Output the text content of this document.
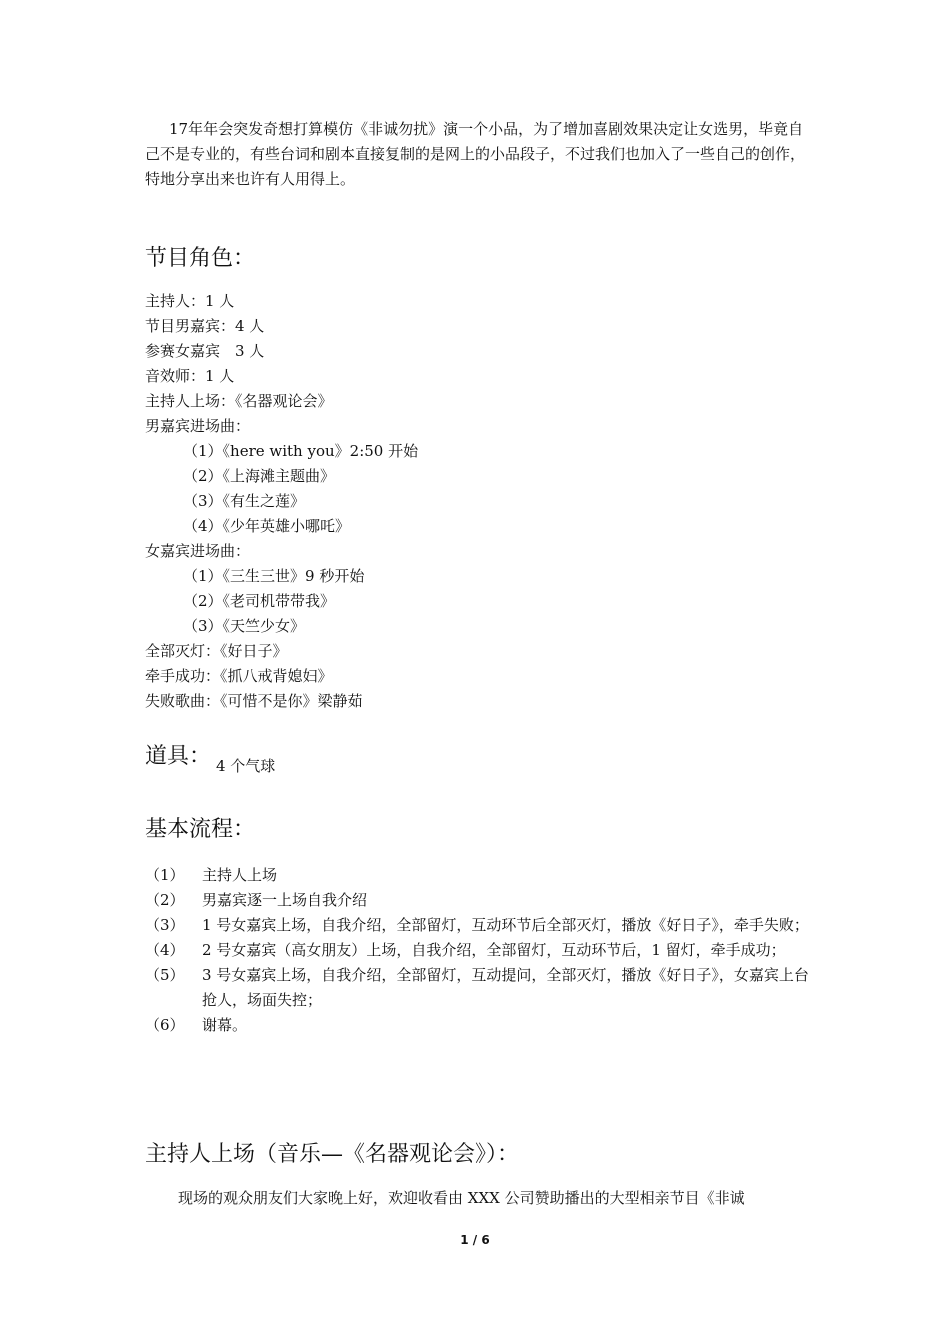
17年年会突发奇想打算模仿《非诚勿扰》演一个小品，为了增加喜剧效果决定让女选男，毕竟自己不是专业的，有些台词和剧本直接复制的是网上的小品段子，不过我们也加入了一些自己的创作，特地分享出来也许有人用得上。

节目角色：
主持人：1 人
节目男嘉宾：4 人
参赛女嘉宾　3 人
音效师：1 人
主持人上场：《名器观论会》
男嘉宾进场曲：
（1）《here with you》2:50 开始
（2）《上海滩主题曲》
（3）《有生之莲》
（4）《少年英雄小哪吒》
女嘉宾进场曲：
（1）《三生三世》9 秒开始
（2）《老司机带带我》
（3）《天竺少女》
全部灭灯：《好日子》
牵手成功：《抓八戒背媳妇》
失败歌曲：《可惜不是你》梁静茹
道具： 4 个气球
基本流程：
（1） 主持人上场
（2） 男嘉宾逐一上场自我介绍
（3） 1 号女嘉宾上场，自我介绍，全部留灯，互动环节后全部灭灯，播放《好日子》，牵手失败；
（4） 2 号女嘉宾（高女朋友）上场，自我介绍，全部留灯，互动环节后，1 留灯，牵手成功；
（5） 3 号女嘉宾上场，自我介绍，全部留灯，互动提问，全部灭灯，播放《好日子》，女嘉宾上台抢人，场面失控；
（6） 谢幕。
主持人上场（音乐—《名器观论会》）：

现场的观众朋友们大家晚上好，欢迎收看由 XXX 公司赞助播出的大型相亲节目《非诚

1 / 6
